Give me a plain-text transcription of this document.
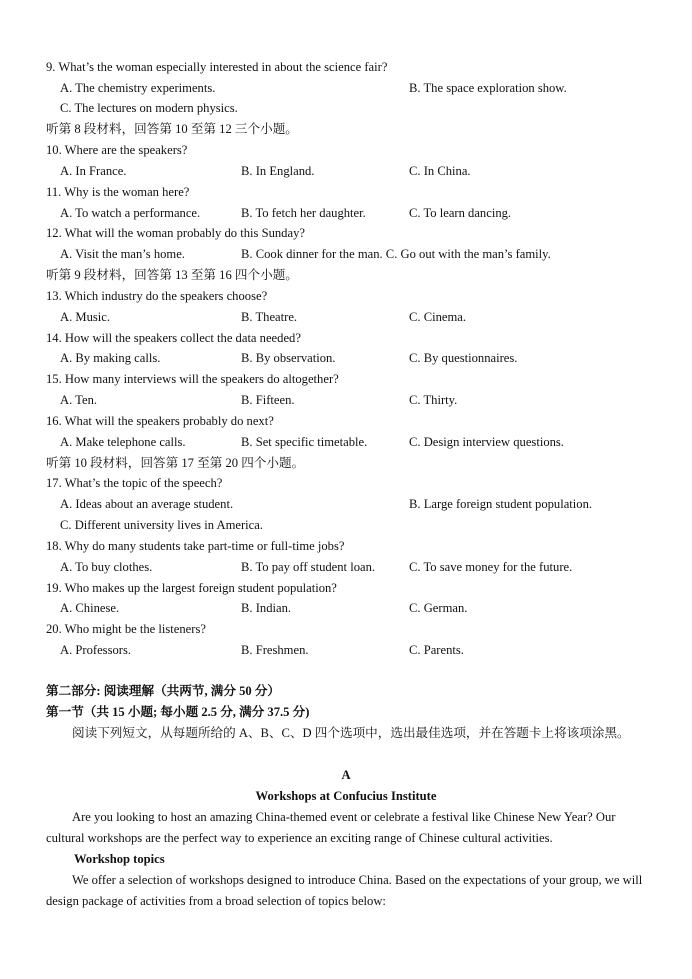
9. What’s the woman especially interested in about the science fair?
A. The chemistry experiments.	B. The space exploration show.
C. The lectures on modern physics.
听第 8 段材料，回答第 10 至第 12 三个小题。
10. Where are the speakers?
A. In France.	B. In England.	C. In China.
11. Why is the woman here?
A. To watch a performance.	B. To fetch her daughter.	C. To learn dancing.
12. What will the woman probably do this Sunday?
A. Visit the man’s home.	B. Cook dinner for the man. C. Go out with the man’s family.
听第 9 段材料，回答第 13 至第 16 四个小题。
13. Which industry do the speakers choose?
A. Music.	B. Theatre.	C. Cinema.
14. How will the speakers collect the data needed?
A. By making calls.	B. By observation.	C. By questionnaires.
15. How many interviews will the speakers do altogether?
A. Ten.	B. Fifteen.	C. Thirty.
16. What will the speakers probably do next?
A. Make telephone calls.	B. Set specific timetable.	C. Design interview questions.
听第 10 段材料，回答第 17 至第 20 四个小题。
17. What’s the topic of the speech?
A. Ideas about an average student.	B. Large foreign student population.
C. Different university lives in America.
18. Why do many students take part-time or full-time jobs?
A. To buy clothes.	B. To pay off student loan.	C. To save money for the future.
19. Who makes up the largest foreign student population?
A. Chinese.	B. Indian.	C. German.
20. Who might be the listeners?
A. Professors.	B. Freshmen.	C. Parents.
第二部分: 阅读理解（共两节, 满分 50 分）
第一节（共 15 小题; 每小题 2.5 分, 满分 37.5 分)
阅读下列短文，从每题所给的 A、B、C、D 四个选项中，选出最佳选项，并在答题卡上将该项涂黑。
A
Workshops at Confucius Institute
Are you looking to host an amazing China-themed event or celebrate a festival like Chinese New Year? Our cultural workshops are the perfect way to experience an exciting range of Chinese cultural activities.
Workshop topics
We offer a selection of workshops designed to introduce China. Based on the expectations of your group, we will design package of activities from a broad selection of topics below:
